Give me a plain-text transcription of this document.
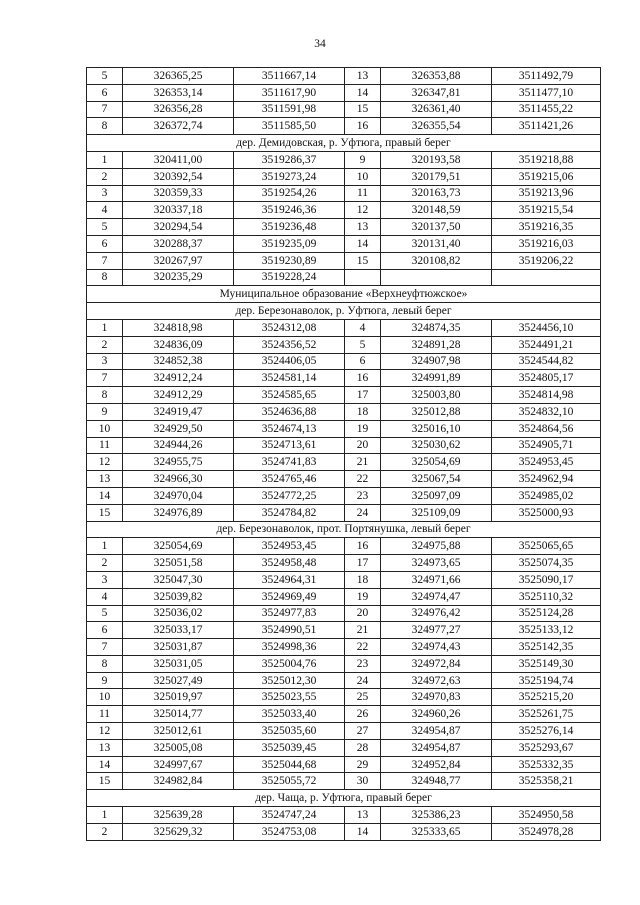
34
5	326365,25	3511667,14	13	326353,88	3511492,79
6	326353,14	3511617,90	14	326347,81	3511477,10
7	326356,28	3511591,98	15	326361,40	3511455,22
8	326372,74	3511585,50	16	326355,54	3511421,26
дер. Демидовская, р. Уфтюга, правый берег					
1	320411,00	3519286,37	9	320193,58	3519218,88
2	320392,54	3519273,24	10	320179,51	3519215,06
3	320359,33	3519254,26	11	320163,73	3519213,96
4	320337,18	3519246,36	12	320148,59	3519215,54
5	320294,54	3519236,48	13	320137,50	3519216,35
6	320288,37	3519235,09	14	320131,40	3519216,03
7	320267,97	3519230,89	15	320108,82	3519206,22
8	320235,29	3519228,24			
Муниципальное образование «Верхнеуфтюжское»					
дер. Березонаволок, р. Уфтюга, левый берег					
1	324818,98	3524312,08	4	324874,35	3524456,10
2	324836,09	3524356,52	5	324891,28	3524491,21
3	324852,38	3524406,05	6	324907,98	3524544,82
7	324912,24	3524581,14	16	324991,89	3524805,17
8	324912,29	3524585,65	17	325003,80	3524814,98
9	324919,47	3524636,88	18	325012,88	3524832,10
10	324929,50	3524674,13	19	325016,10	3524864,56
11	324944,26	3524713,61	20	325030,62	3524905,71
12	324955,75	3524741,83	21	325054,69	3524953,45
13	324966,30	3524765,46	22	325067,54	3524962,94
14	324970,04	3524772,25	23	325097,09	3524985,02
15	324976,89	3524784,82	24	325109,09	3525000,93
дер. Березонаволок, прот. Портянушка, левый берег					
1	325054,69	3524953,45	16	324975,88	3525065,65
2	325051,58	3524958,48	17	324973,65	3525074,35
3	325047,30	3524964,31	18	324971,66	3525090,17
4	325039,82	3524969,49	19	324974,47	3525110,32
5	325036,02	3524977,83	20	324976,42	3525124,28
6	325033,17	3524990,51	21	324977,27	3525133,12
7	325031,87	3524998,36	22	324974,43	3525142,35
8	325031,05	3525004,76	23	324972,84	3525149,30
9	325027,49	3525012,30	24	324972,63	3525194,74
10	325019,97	3525023,55	25	324970,83	3525215,20
11	325014,77	3525033,40	26	324960,26	3525261,75
12	325012,61	3525035,60	27	324954,87	3525276,14
13	325005,08	3525039,45	28	324954,87	3525293,67
14	324997,67	3525044,68	29	324952,84	3525332,35
15	324982,84	3525055,72	30	324948,77	3525358,21
дер. Чаща, р. Уфтюга, правый берег					
1	325639,28	3524747,24	13	325386,23	3524950,58
2	325629,32	3524753,08	14	325333,65	3524978,28
